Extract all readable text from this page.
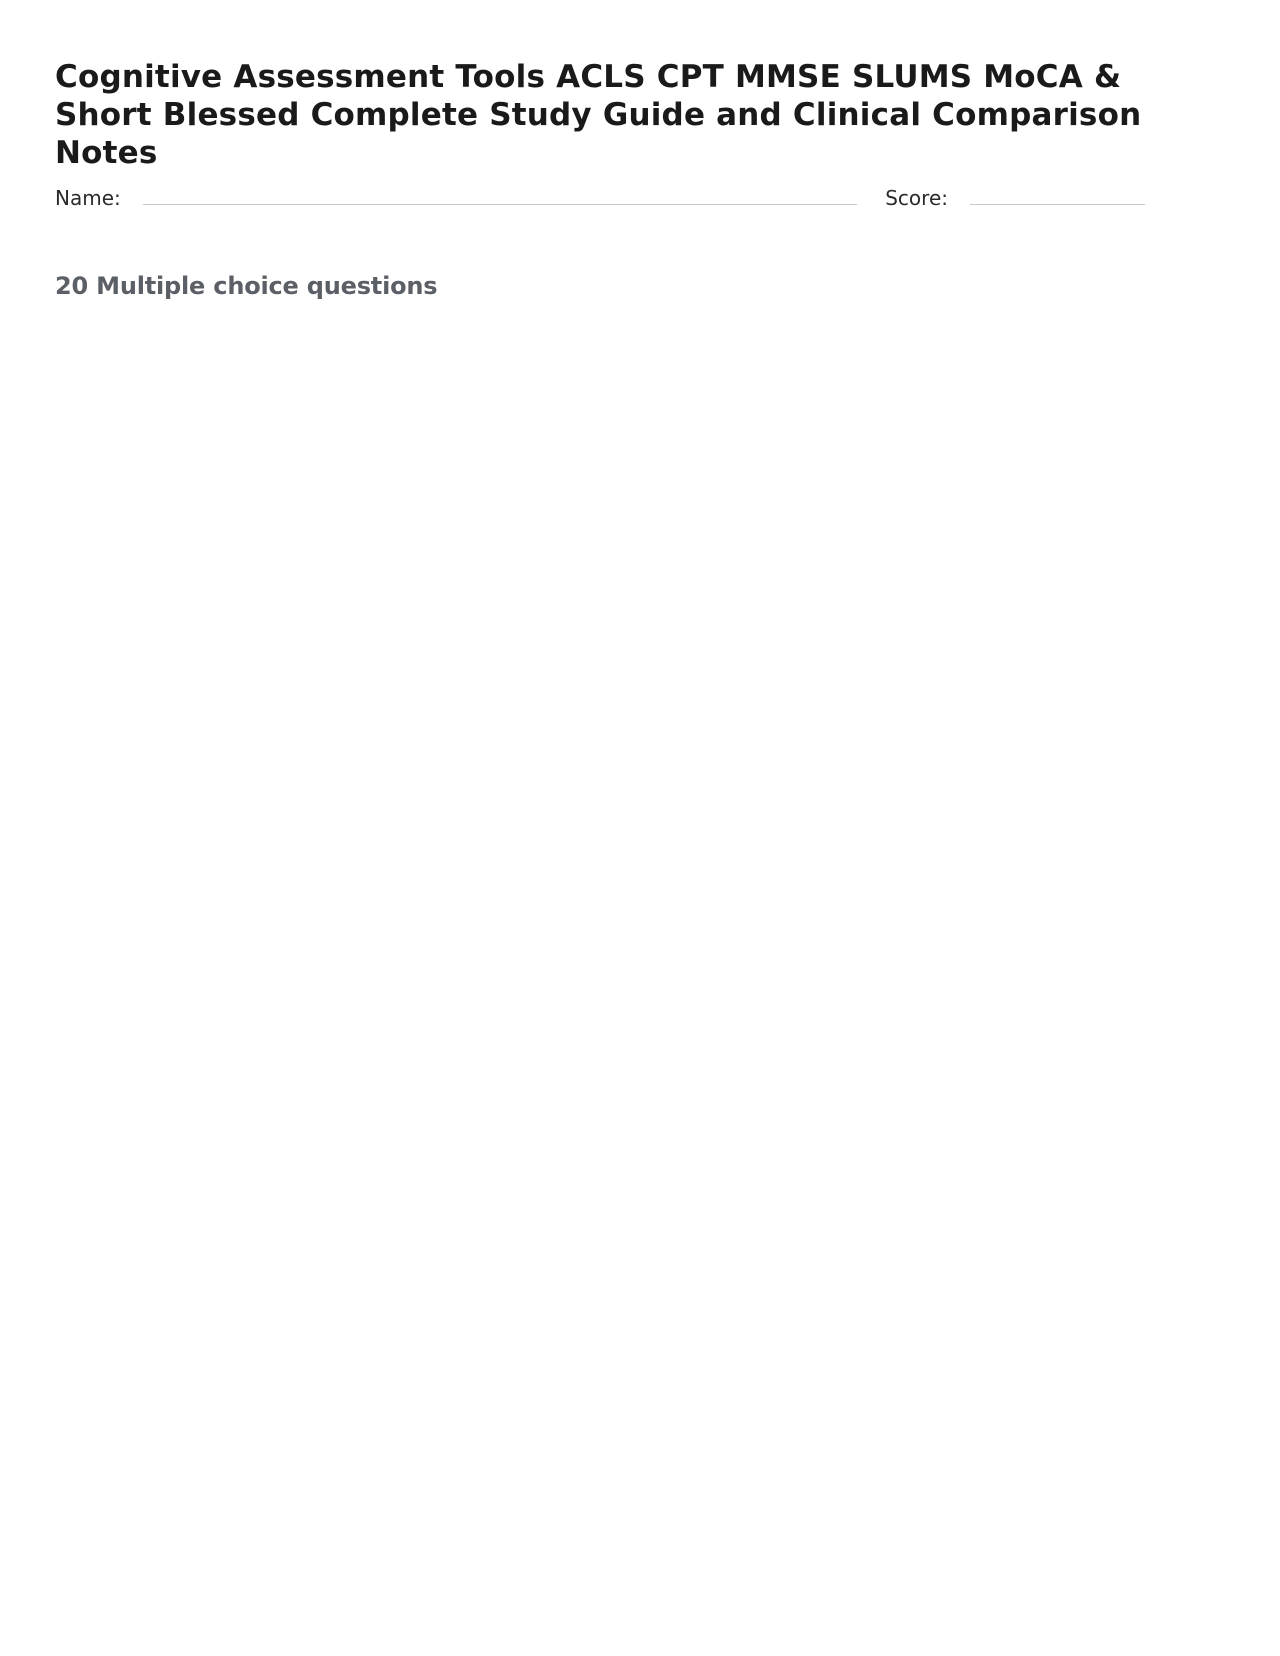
Cognitive Assessment Tools ACLS CPT MMSE SLUMS MoCA & Short Blessed Complete Study Guide and Clinical Comparison Notes
Name:	Score:
20 Multiple choice questions
